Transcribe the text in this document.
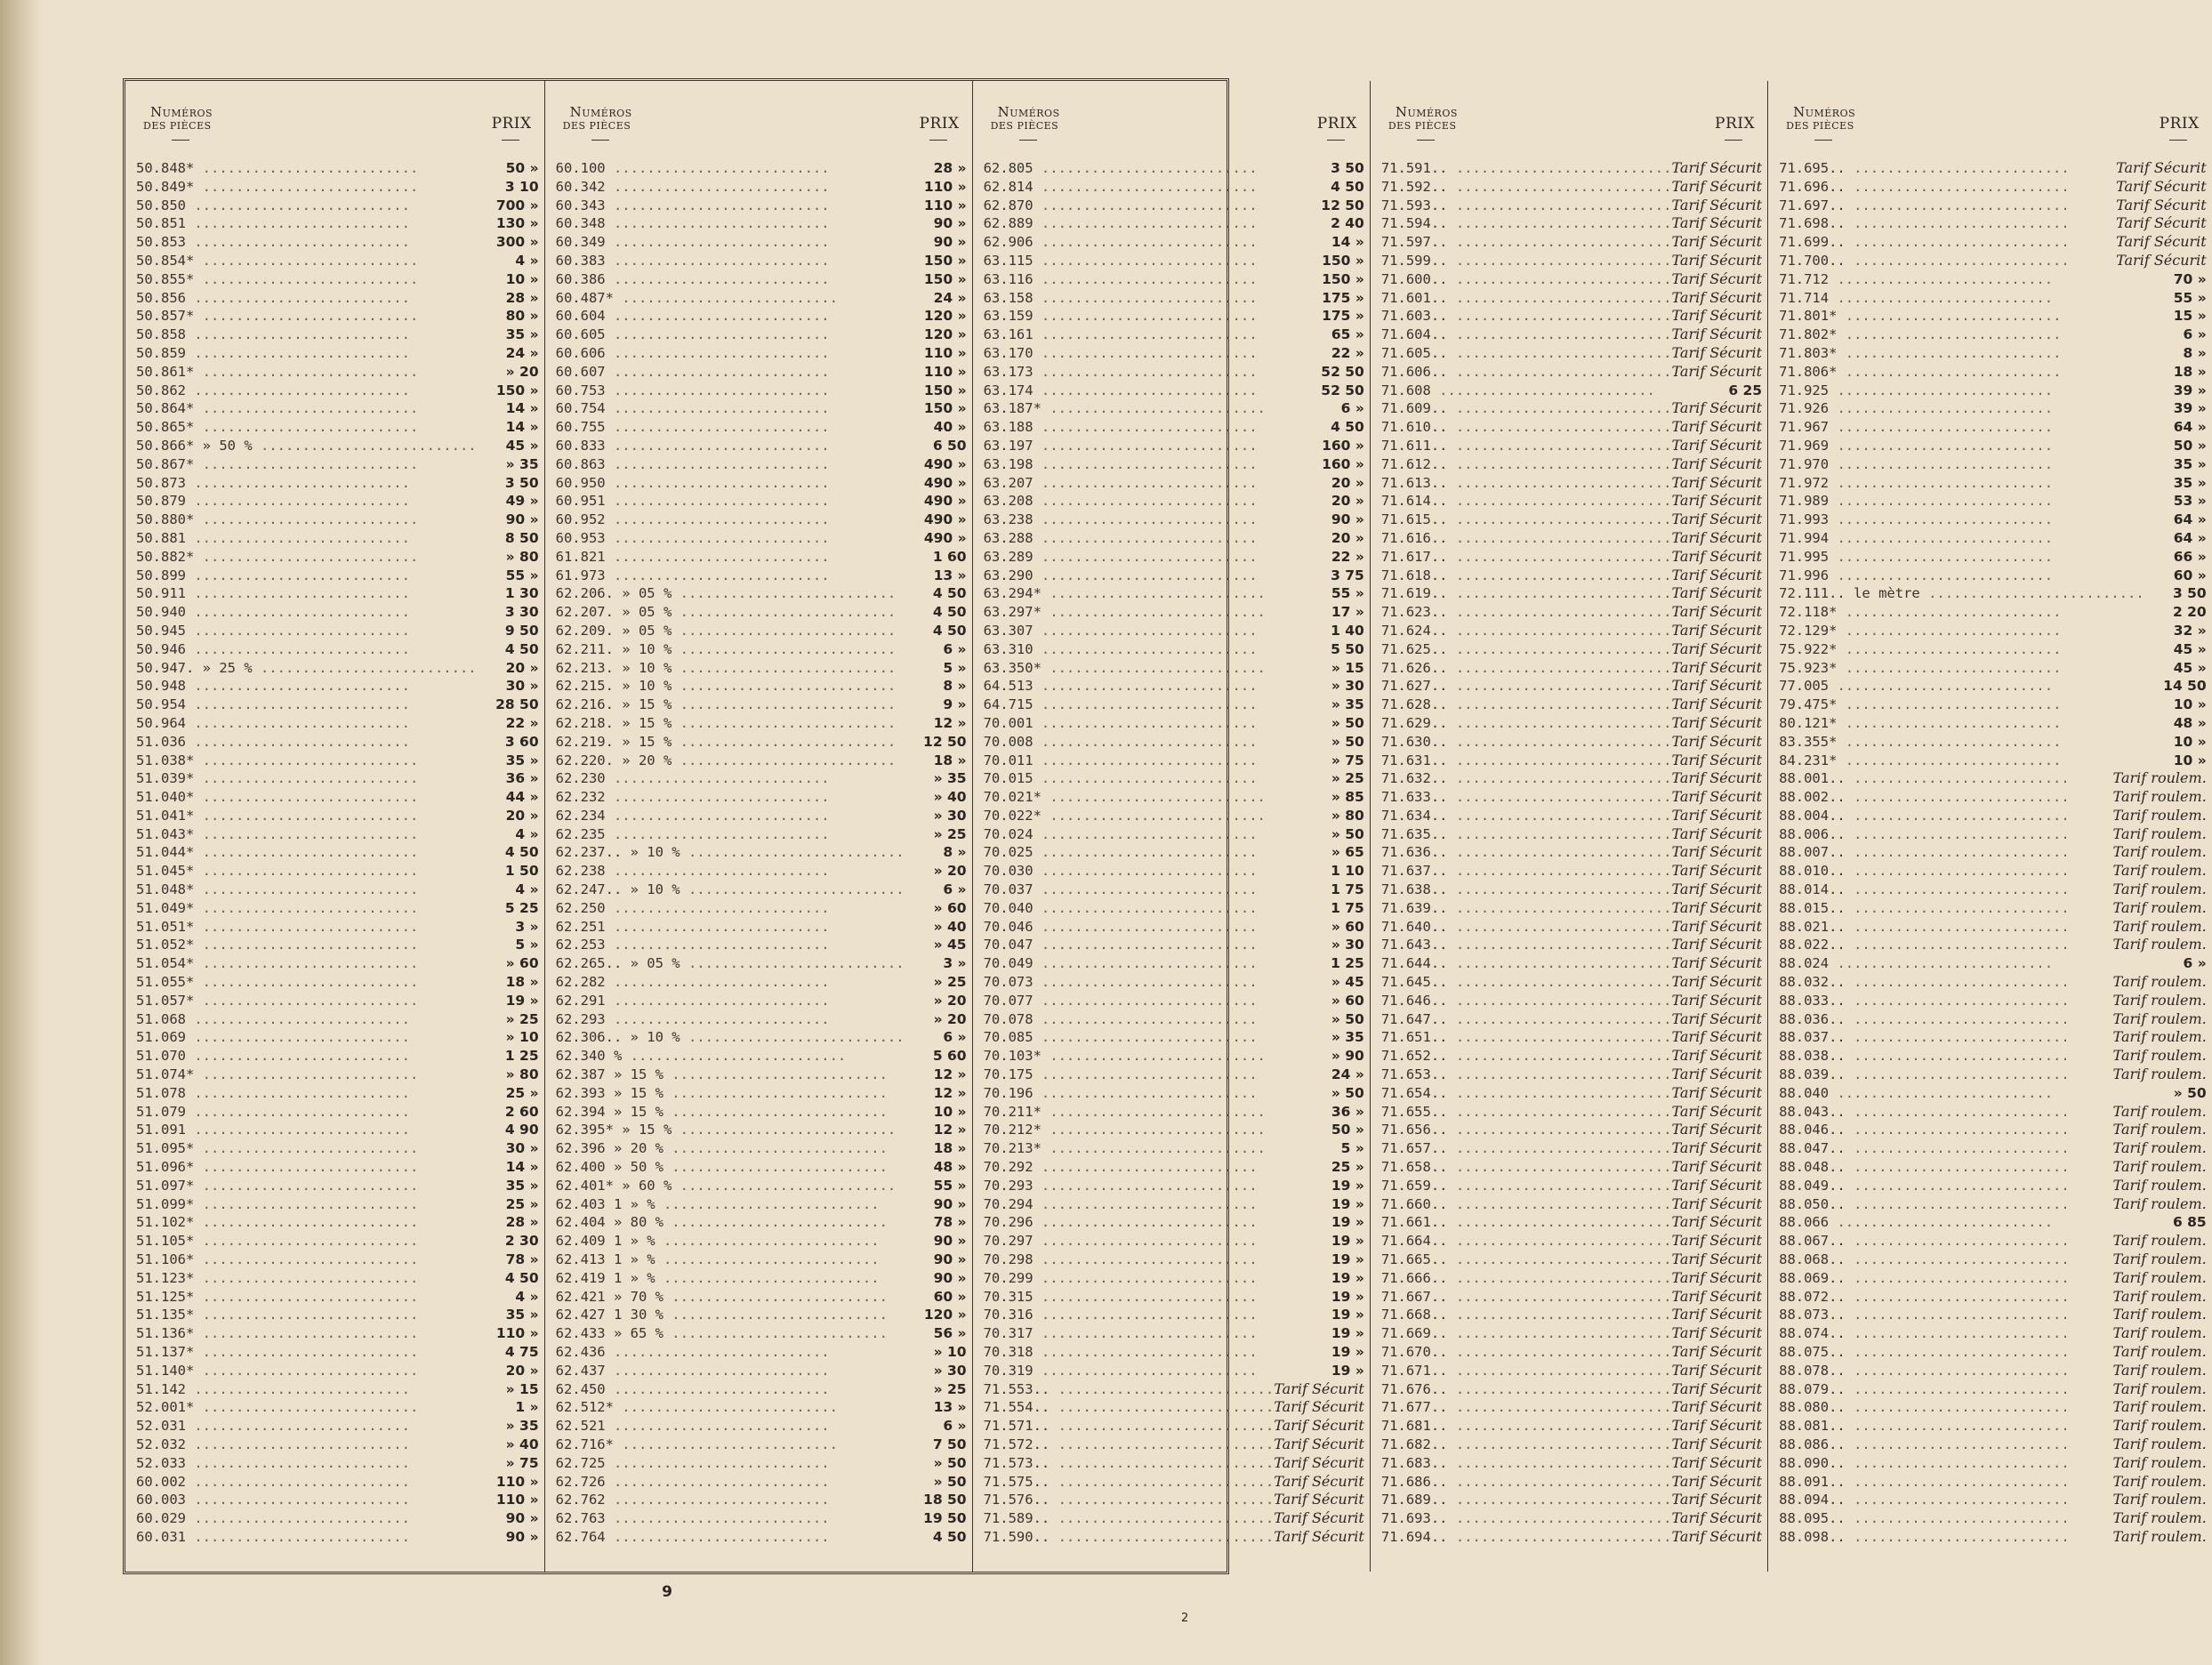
Numéros
DES PIÈCES	PRIX
50.848* .....	50 »
50.849* .....	3 10
50.850 .....	700 »
50.851 .....	130 »
50.853 .....	300 »
50.854* .....	4 »
50.855* .....	10 »
50.856 .....	28 »
50.857* .....	80 »
50.858 .....	35 »
50.859 .....	24 »
50.861* .....	» 20
50.862 .....	150 »
50.864* .....	14 »
50.865* .....	14 »
50.866* » 50 % .....	45 »
50.867* .....	» 35
50.873 .....	3 50
50.879 .....	49 »
50.880* .....	90 »
50.881 .....	8 50
50.882* .....	» 80
50.899 .....	55 »
50.911 .....	1 30
50.940 .....	3 30
50.945 .....	9 50
50.946 .....	4 50
50.947. » 25 % .....	20 »
50.948 .....	30 »
50.954 .....	28 50
50.964 .....	22 »
51.036 .....	3 60
51.038* .....	35 »
51.039* .....	36 »
51.040* .....	44 »
51.041* .....	20 »
51.043* .....	4 »
51.044* .....	4 50
51.045* .....	1 50
51.048* .....	4 »
51.049* .....	5 25
51.051* .....	3 »
51.052* .....	5 »
51.054* .....	» 60
51.055* .....	18 »
51.057* .....	19 »
51.068 .....	» 25
51.069 .....	» 10
51.070 .....	1 25
51.074* .....	» 80
51.078 .....	25 »
51.079 .....	2 60
51.091 .....	4 90
51.095* .....	30 »
51.096* .....	14 »
51.097* .....	35 »
51.099* .....	25 »
51.102* .....	28 »
51.105* .....	2 30
51.106* .....	78 »
51.123* .....	4 50
51.125* .....	4 »
51.135* .....	35 »
51.136* .....	110 »
51.137* .....	4 75
51.140* .....	20 »
51.142 .....	» 15
52.001* .....	1 »
52.031 .....	» 35
52.032 .....	» 40
52.033 .....	» 75
60.002 .....	110 »
60.003 .....	110 »
60.029 .....	90 »
60.031 .....	90 »
Numéros
DES PIÈCES	PRIX
60.100 .....	28 »
60.342 .....	110 »
60.343 .....	110 »
60.348 .....	90 »
60.349 .....	90 »
60.383 .....	150 »
60.386 .....	150 »
60.487* .....	24 »
60.604 .....	120 »
60.605 .....	120 »
60.606 .....	110 »
60.607 .....	110 »
60.753 .....	150 »
60.754 .....	150 »
60.755 .....	40 »
60.833 .....	6 50
60.863 .....	490 »
60.950 .....	490 »
60.951 .....	490 »
60.952 .....	490 »
60.953 .....	490 »
61.821 .....	1 60
61.973 .....	13 »
62.206. » 05 % .....	4 50
62.207. » 05 % .....	4 50
62.209. » 05 % .....	4 50
62.211. » 10 % .....	6 »
62.213. » 10 % .....	5 »
62.215. » 10 % .....	8 »
62.216. » 15 % .....	9 »
62.218. » 15 % .....	12 »
62.219. » 15 % .....	12 50
62.220. » 20 % .....	18 »
62.230 .....	» 35
62.232 .....	» 40
62.234 .....	» 30
62.235 .....	» 25
62.237.. » 10 % .....	8 »
62.238 .....	» 20
62.247.. » 10 % .....	6 »
62.250 .....	» 60
62.251 .....	» 40
62.253 .....	» 45
62.265.. » 05 % .....	3 »
62.282 .....	» 25
62.291 .....	» 20
62.293 .....	» 20
62.306.. » 10 % .....	6 »
62.340 % .....	5 60
62.387 » 15 % .....	12 »
62.393 » 15 % .....	12 »
62.394 » 15 % .....	10 »
62.395* » 15 % .....	12 »
62.396 » 20 % .....	18 »
62.400 » 50 % .....	48 »
62.401* » 60 % .....	55 »
62.403 1 » % .....	90 »
62.404 » 80 % .....	78 »
62.409 1 » % .....	90 »
62.413 1 » % .....	90 »
62.419 1 » % .....	90 »
62.421 » 70 % .....	60 »
62.427 1 30 % .....	120 »
62.433 » 65 % .....	56 »
62.436 .....	» 10
62.437 .....	» 30
62.450 .....	» 25
62.512* .....	13 »
62.521 .....	6 »
62.716* .....	7 50
62.725 .....	» 50
62.726 .....	» 50
62.762 .....	18 50
62.763 .....	19 50
62.764 .....	4 50
Numéros
DES PIÈCES	PRIX
62.805 .....	3 50
62.814 .....	4 50
62.870 .....	12 50
62.889 .....	2 40
62.906 .....	14 »
63.115 .....	150 »
63.116 .....	150 »
63.158 .....	175 »
63.159 .....	175 »
63.161 .....	65 »
63.170 .....	22 »
63.173 .....	52 50
63.174 .....	52 50
63.187* .....	6 »
63.188 .....	4 50
63.197 .....	160 »
63.198 .....	160 »
63.207 .....	20 »
63.208 .....	20 »
63.238 .....	90 »
63.288 .....	20 »
63.289 .....	22 »
63.290 .....	3 75
63.294* .....	55 »
63.297* .....	17 »
63.307 .....	1 40
63.310 .....	5 50
63.350* .....	» 15
64.513 .....	» 30
64.715 .....	» 35
70.001 .....	» 50
70.008 .....	» 50
70.011 .....	» 75
70.015 .....	» 25
70.021* .....	» 85
70.022* .....	» 80
70.024 .....	» 50
70.025 .....	» 65
70.030 .....	1 10
70.037 .....	1 75
70.040 .....	1 75
70.046 .....	» 60
70.047 .....	» 30
70.049 .....	1 25
70.073 .....	» 45
70.077 .....	» 60
70.078 .....	» 50
70.085 .....	» 35
70.103* .....	» 90
70.175 .....	24 »
70.196 .....	» 50
70.211* .....	36 »
70.212* .....	50 »
70.213* .....	5 »
70.292 .....	25 »
70.293 .....	19 »
70.294 .....	19 »
70.296 .....	19 »
70.297 .....	19 »
70.298 .....	19 »
70.299 .....	19 »
70.315 .....	19 »
70.316 .....	19 »
70.317 .....	19 »
70.318 .....	19 »
70.319 .....	19 »
71.553.. .....	Tarif Sécurit
71.554.. .....	Tarif Sécurit
71.571.. .....	Tarif Sécurit
71.572.. .....	Tarif Sécurit
71.573.. .....	Tarif Sécurit
71.575.. .....	Tarif Sécurit
71.576.. .....	Tarif Sécurit
71.589.. .....	Tarif Sécurit
71.590.. .....	Tarif Sécurit
Numéros
DES PIÈCES	PRIX
71.591.. .....	Tarif Sécurit
71.592.. .....	Tarif Sécurit
71.593.. .....	Tarif Sécurit
71.594.. .....	Tarif Sécurit
71.597.. .....	Tarif Sécurit
71.599.. .....	Tarif Sécurit
71.600.. .....	Tarif Sécurit
71.601.. .....	Tarif Sécurit
71.603.. .....	Tarif Sécurit
71.604.. .....	Tarif Sécurit
71.605.. .....	Tarif Sécurit
71.606.. .....	Tarif Sécurit
71.608 .....	6 25
71.609.. .....	Tarif Sécurit
71.610.. .....	Tarif Sécurit
71.611.. .....	Tarif Sécurit
71.612.. .....	Tarif Sécurit
71.613.. .....	Tarif Sécurit
71.614.. .....	Tarif Sécurit
71.615.. .....	Tarif Sécurit
71.616.. .....	Tarif Sécurit
71.617.. .....	Tarif Sécurit
71.618.. .....	Tarif Sécurit
71.619.. .....	Tarif Sécurit
71.623.. .....	Tarif Sécurit
71.624.. .....	Tarif Sécurit
71.625.. .....	Tarif Sécurit
71.626.. .....	Tarif Sécurit
71.627.. .....	Tarif Sécurit
71.628.. .....	Tarif Sécurit
71.629.. .....	Tarif Sécurit
71.630.. .....	Tarif Sécurit
71.631.. .....	Tarif Sécurit
71.632.. .....	Tarif Sécurit
71.633.. .....	Tarif Sécurit
71.634.. .....	Tarif Sécurit
71.635.. .....	Tarif Sécurit
71.636.. .....	Tarif Sécurit
71.637.. .....	Tarif Sécurit
71.638.. .....	Tarif Sécurit
71.639.. .....	Tarif Sécurit
71.640.. .....	Tarif Sécurit
71.643.. .....	Tarif Sécurit
71.644.. .....	Tarif Sécurit
71.645.. .....	Tarif Sécurit
71.646.. .....	Tarif Sécurit
71.647.. .....	Tarif Sécurit
71.651.. .....	Tarif Sécurit
71.652.. .....	Tarif Sécurit
71.653.. .....	Tarif Sécurit
71.654.. .....	Tarif Sécurit
71.655.. .....	Tarif Sécurit
71.656.. .....	Tarif Sécurit
71.657.. .....	Tarif Sécurit
71.658.. .....	Tarif Sécurit
71.659.. .....	Tarif Sécurit
71.660.. .....	Tarif Sécurit
71.661.. .....	Tarif Sécurit
71.664.. .....	Tarif Sécurit
71.665.. .....	Tarif Sécurit
71.666.. .....	Tarif Sécurit
71.667.. .....	Tarif Sécurit
71.668.. .....	Tarif Sécurit
71.669.. .....	Tarif Sécurit
71.670.. .....	Tarif Sécurit
71.671.. .....	Tarif Sécurit
71.676.. .....	Tarif Sécurit
71.677.. .....	Tarif Sécurit
71.681.. .....	Tarif Sécurit
71.682.. .....	Tarif Sécurit
71.683.. .....	Tarif Sécurit
71.686.. .....	Tarif Sécurit
71.689.. .....	Tarif Sécurit
71.693.. .....	Tarif Sécurit
71.694.. .....	Tarif Sécurit
Numéros
DES PIÈCES	PRIX
71.695.. .....	Tarif Sécurit
71.696.. .....	Tarif Sécurit
71.697.. .....	Tarif Sécurit
71.698.. .....	Tarif Sécurit
71.699.. .....	Tarif Sécurit
71.700.. .....	Tarif Sécurit
71.712 .....	70 »
71.714 .....	55 »
71.801* .....	15 »
71.802* .....	6 »
71.803* .....	8 »
71.806* .....	18 »
71.925 .....	39 »
71.926 .....	39 »
71.967 .....	64 »
71.969 .....	50 »
71.970 .....	35 »
71.972 .....	35 »
71.989 .....	53 »
71.993 .....	64 »
71.994 .....	64 »
71.995 .....	66 »
71.996 .....	60 »
72.111.. le mètre .....	3 50
72.118* .....	2 20
72.129* .....	32 »
75.922* .....	45 »
75.923* .....	45 »
77.005 .....	14 50
79.475* .....	10 »
80.121* .....	48 »
83.355* .....	10 »
84.231* .....	10 »
88.001.. .....	Tarif roulem.
88.002.. .....	Tarif roulem.
88.004.. .....	Tarif roulem.
88.006.. .....	Tarif roulem.
88.007.. .....	Tarif roulem.
88.010.. .....	Tarif roulem.
88.014.. .....	Tarif roulem.
88.015.. .....	Tarif roulem.
88.021.. .....	Tarif roulem.
88.022.. .....	Tarif roulem.
88.024 .....	6 »
88.032.. .....	Tarif roulem.
88.033.. .....	Tarif roulem.
88.036.. .....	Tarif roulem.
88.037.. .....	Tarif roulem.
88.038.. .....	Tarif roulem.
88.039.. .....	Tarif roulem.
88.040 .....	» 50
88.043.. .....	Tarif roulem.
88.046.. .....	Tarif roulem.
88.047.. .....	Tarif roulem.
88.048.. .....	Tarif roulem.
88.049.. .....	Tarif roulem.
88.050.. .....	Tarif roulem.
88.066 .....	6 85
88.067.. .....	Tarif roulem.
88.068.. .....	Tarif roulem.
88.069.. .....	Tarif roulem.
88.072.. .....	Tarif roulem.
88.073.. .....	Tarif roulem.
88.074.. .....	Tarif roulem.
88.075.. .....	Tarif roulem.
88.078.. .....	Tarif roulem.
88.079.. .....	Tarif roulem.
88.080.. .....	Tarif roulem.
88.081.. .....	Tarif roulem.
88.086.. .....	Tarif roulem.
88.090.. .....	Tarif roulem.
88.091.. .....	Tarif roulem.
88.094.. .....	Tarif roulem.
88.095.. .....	Tarif roulem.
88.098.. .....	Tarif roulem.
9
2
